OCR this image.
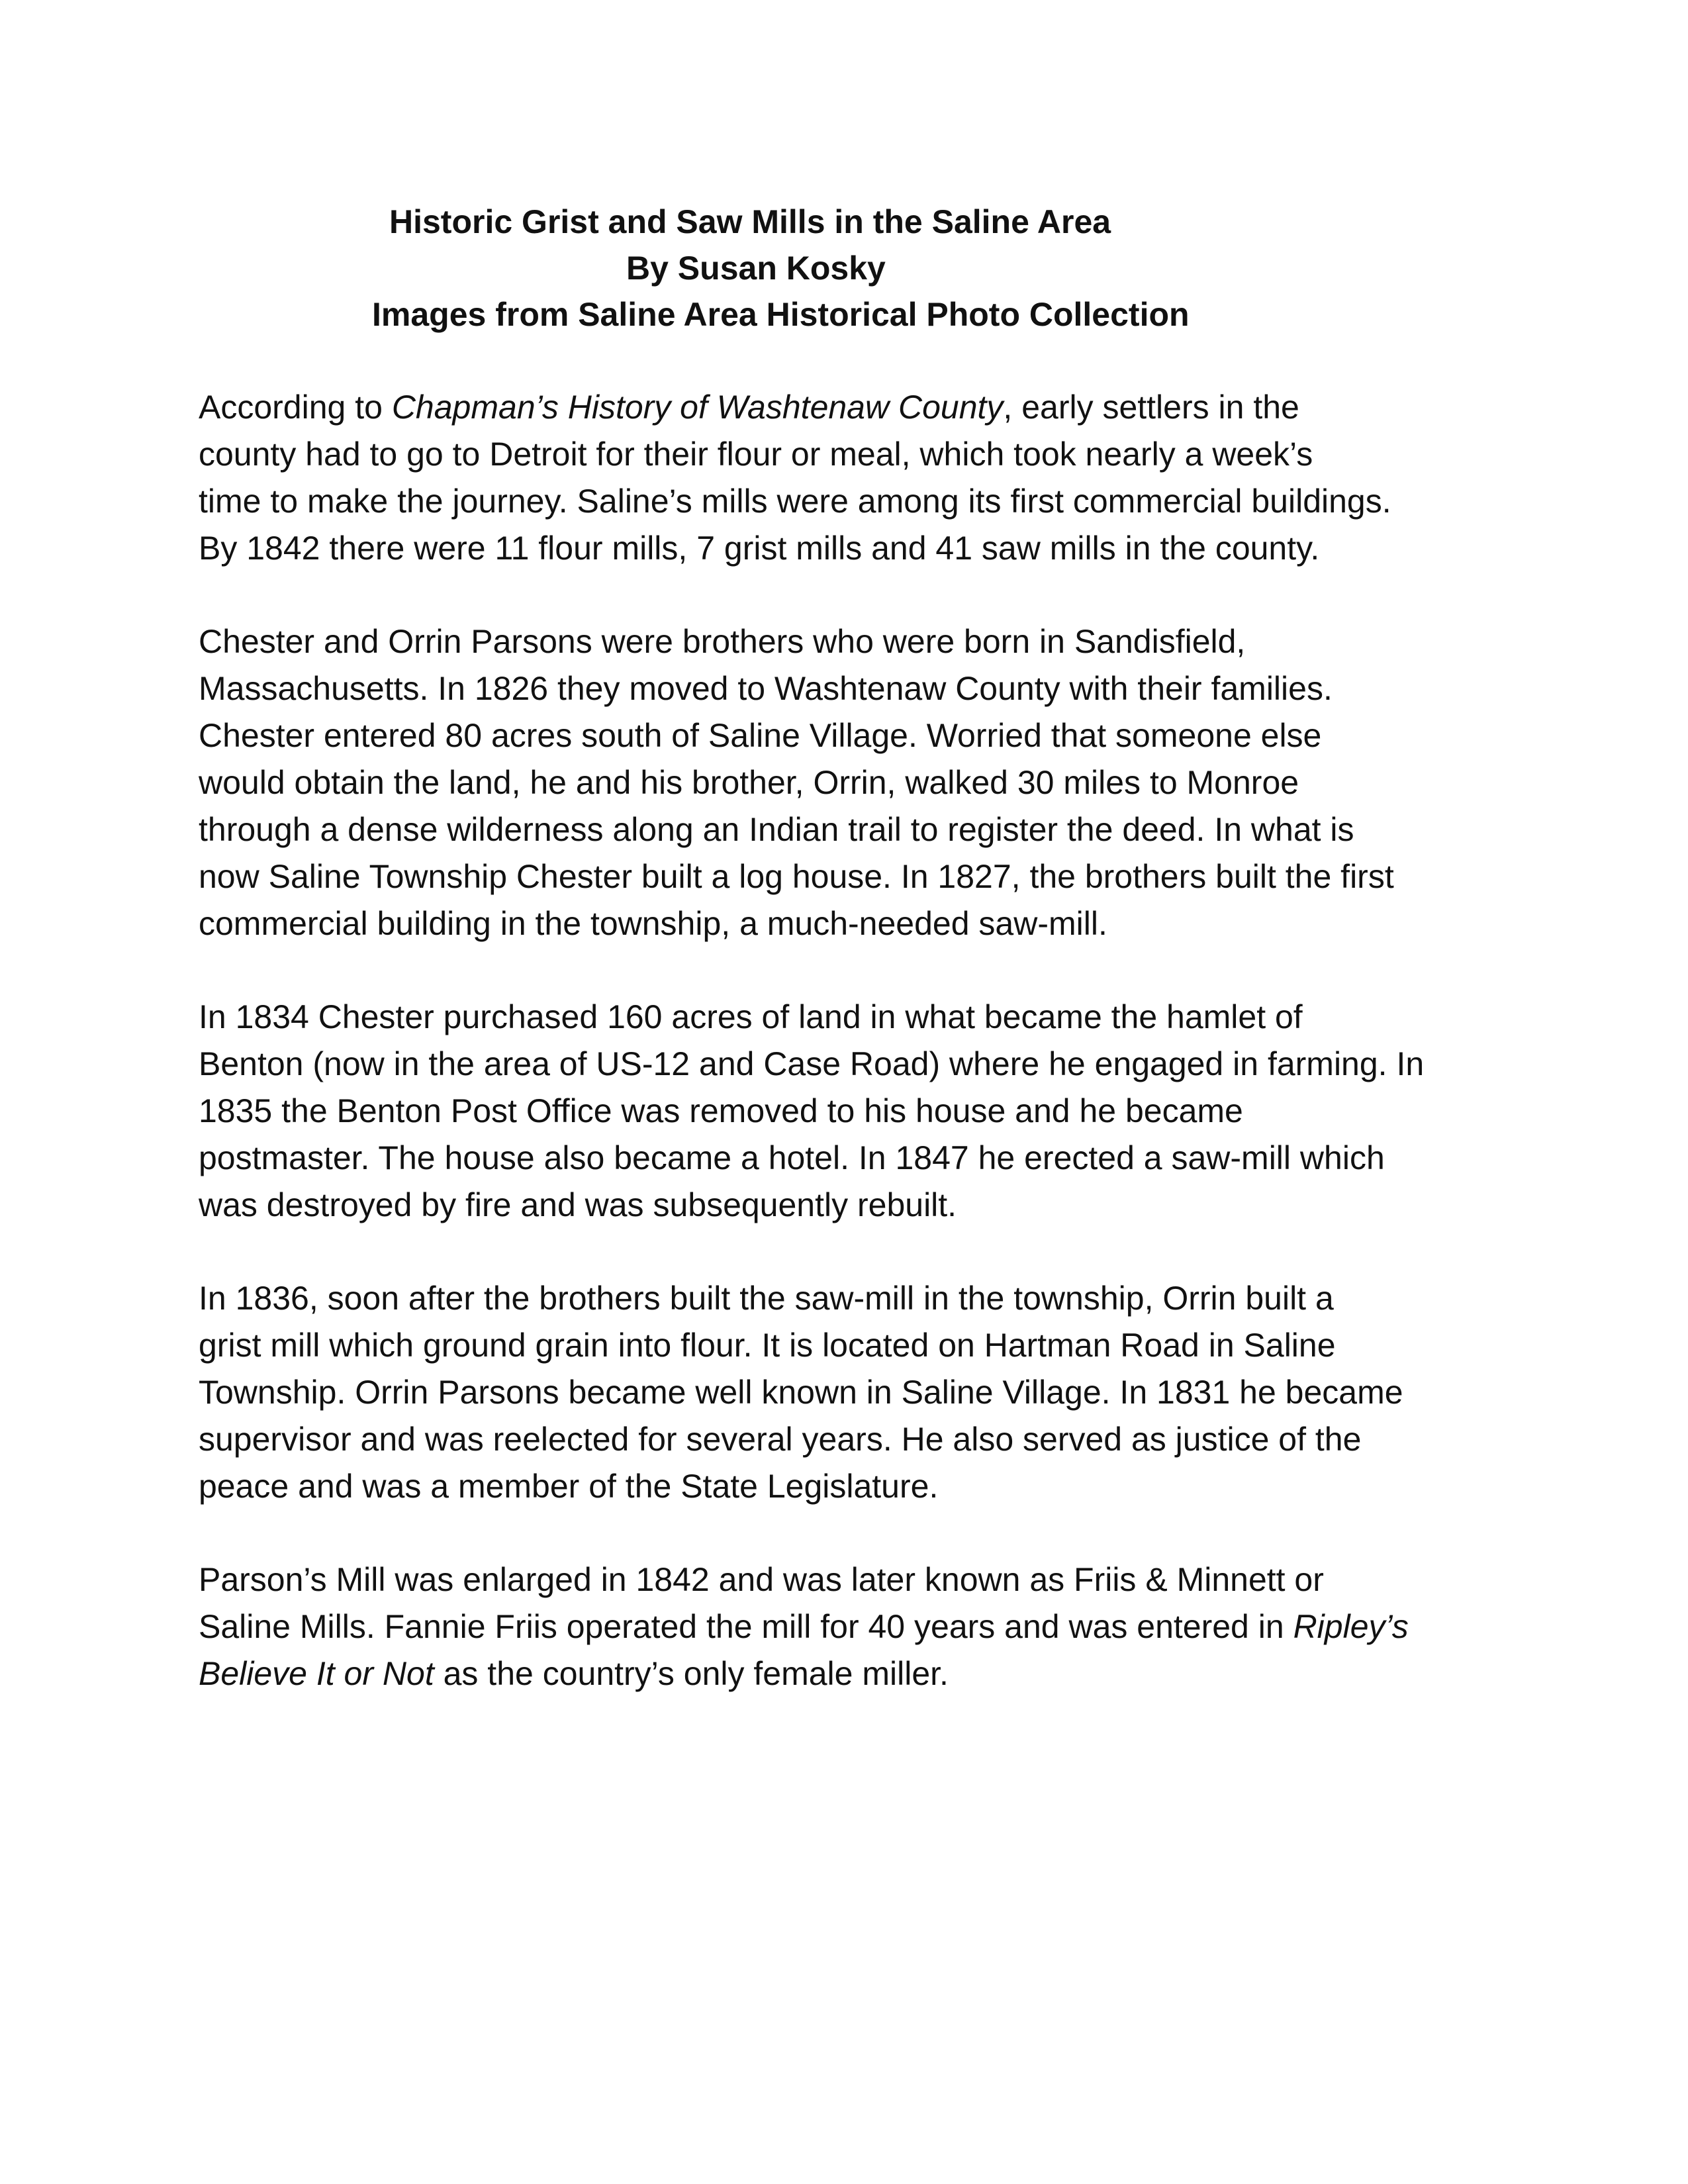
Historic Grist and Saw Mills in the Saline Area
By Susan Kosky
Images from Saline Area Historical Photo Collection

According to Chapman’s History of Washtenaw County, early settlers in the
county had to go to Detroit for their flour or meal, which took nearly a week’s
time to make the journey. Saline’s mills were among its first commercial buildings.
By 1842 there were 11 flour mills, 7 grist mills and 41 saw mills in the county.

Chester and Orrin Parsons were brothers who were born in Sandisfield,
Massachusetts. In 1826 they moved to Washtenaw County with their families.
Chester entered 80 acres south of Saline Village. Worried that someone else
would obtain the land, he and his brother, Orrin, walked 30 miles to Monroe
through a dense wilderness along an Indian trail to register the deed. In what is
now Saline Township Chester built a log house. In 1827, the brothers built the first
commercial building in the township, a much-needed saw-mill.

In 1834 Chester purchased 160 acres of land in what became the hamlet of
Benton (now in the area of US-12 and Case Road) where he engaged in farming. In
1835 the Benton Post Office was removed to his house and he became
postmaster. The house also became a hotel. In 1847 he erected a saw-mill which
was destroyed by fire and was subsequently rebuilt.

In 1836, soon after the brothers built the saw-mill in the township, Orrin built a
grist mill which ground grain into flour. It is located on Hartman Road in Saline
Township. Orrin Parsons became well known in Saline Village. In 1831 he became
supervisor and was reelected for several years. He also served as justice of the
peace and was a member of the State Legislature.

Parson’s Mill was enlarged in 1842 and was later known as Friis & Minnett or
Saline Mills. Fannie Friis operated the mill for 40 years and was entered in Ripley’s
Believe It or Not as the country’s only female miller.
